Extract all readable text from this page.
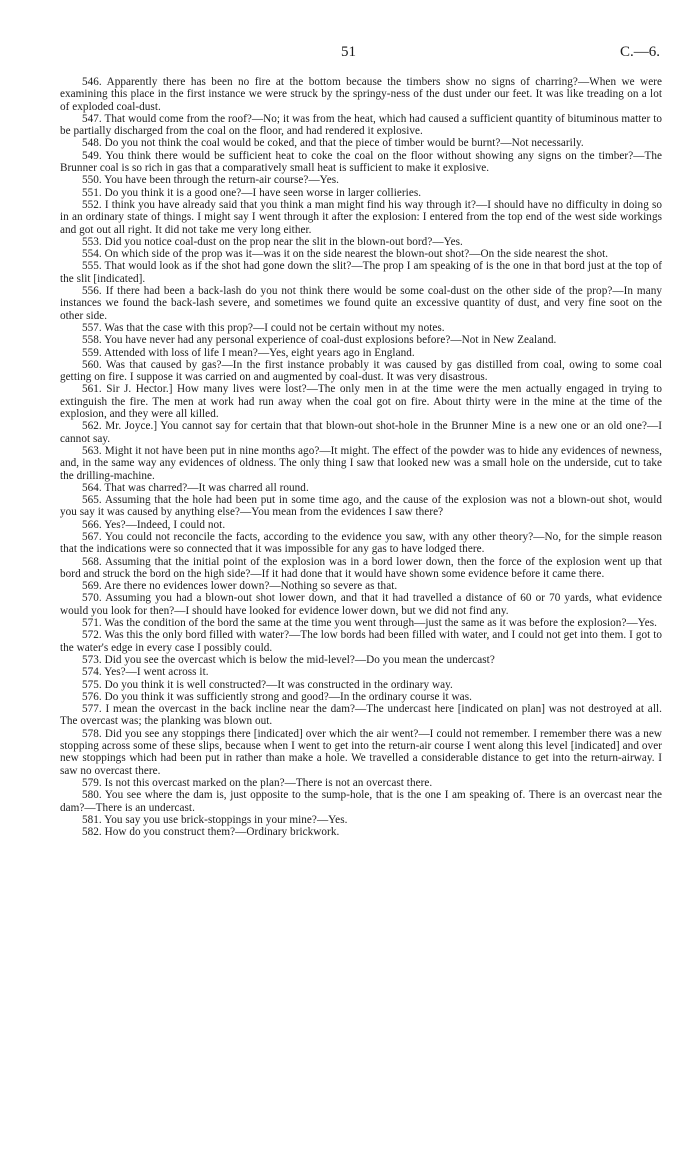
51	C.—6.

546. Apparently there has been no fire at the bottom because the timbers show no signs of charring?—When we were examining this place in the first instance we were struck by the springy-ness of the dust under our feet. It was like treading on a lot of exploded coal-dust.

547. That would come from the roof?—No; it was from the heat, which had caused a sufficient quantity of bituminous matter to be partially discharged from the coal on the floor, and had rendered it explosive.

548. Do you not think the coal would be coked, and that the piece of timber would be burnt?—Not necessarily.

549. You think there would be sufficient heat to coke the coal on the floor without showing any signs on the timber?—The Brunner coal is so rich in gas that a comparatively small heat is sufficient to make it explosive.

550. You have been through the return-air course?—Yes.

551. Do you think it is a good one?—I have seen worse in larger collieries.

552. I think you have already said that you think a man might find his way through it?—I should have no difficulty in doing so in an ordinary state of things. I might say I went through it after the explosion: I entered from the top end of the west side workings and got out all right. It did not take me very long either.

553. Did you notice coal-dust on the prop near the slit in the blown-out bord?—Yes.

554. On which side of the prop was it—was it on the side nearest the blown-out shot?—On the side nearest the shot.

555. That would look as if the shot had gone down the slit?—The prop I am speaking of is the one in that bord just at the top of the slit [indicated].

556. If there had been a back-lash do you not think there would be some coal-dust on the other side of the prop?—In many instances we found the back-lash severe, and sometimes we found quite an excessive quantity of dust, and very fine soot on the other side.

557. Was that the case with this prop?—I could not be certain without my notes.

558. You have never had any personal experience of coal-dust explosions before?—Not in New Zealand.

559. Attended with loss of life I mean?—Yes, eight years ago in England.

560. Was that caused by gas?—In the first instance probably it was caused by gas distilled from coal, owing to some coal getting on fire. I suppose it was carried on and augmented by coal-dust. It was very disastrous.

561. Sir J. Hector.] How many lives were lost?—The only men in at the time were the men actually engaged in trying to extinguish the fire. The men at work had run away when the coal got on fire. About thirty were in the mine at the time of the explosion, and they were all killed.

562. Mr. Joyce.] You cannot say for certain that that blown-out shot-hole in the Brunner Mine is a new one or an old one?—I cannot say.

563. Might it not have been put in nine months ago?—It might. The effect of the powder was to hide any evidences of newness, and, in the same way any evidences of oldness. The only thing I saw that looked new was a small hole on the underside, cut to take the drilling-machine.

564. That was charred?—It was charred all round.

565. Assuming that the hole had been put in some time ago, and the cause of the explosion was not a blown-out shot, would you say it was caused by anything else?—You mean from the evidences I saw there?

566. Yes?—Indeed, I could not.

567. You could not reconcile the facts, according to the evidence you saw, with any other theory?—No, for the simple reason that the indications were so connected that it was impossible for any gas to have lodged there.

568. Assuming that the initial point of the explosion was in a bord lower down, then the force of the explosion went up that bord and struck the bord on the high side?—If it had done that it would have shown some evidence before it came there.

569. Are there no evidences lower down?—Nothing so severe as that.

570. Assuming you had a blown-out shot lower down, and that it had travelled a distance of 60 or 70 yards, what evidence would you look for then?—I should have looked for evidence lower down, but we did not find any.

571. Was the condition of the bord the same at the time you went through—just the same as it was before the explosion?—Yes.

572. Was this the only bord filled with water?—The low bords had been filled with water, and I could not get into them. I got to the water's edge in every case I possibly could.

573. Did you see the overcast which is below the mid-level?—Do you mean the undercast?

574. Yes?—I went across it.

575. Do you think it is well constructed?—It was constructed in the ordinary way.

576. Do you think it was sufficiently strong and good?—In the ordinary course it was.

577. I mean the overcast in the back incline near the dam?—The undercast here [indicated on plan] was not destroyed at all. The overcast was; the planking was blown out.

578. Did you see any stoppings there [indicated] over which the air went?—I could not remember. I remember there was a new stopping across some of these slips, because when I went to get into the return-air course I went along this level [indicated] and over new stoppings which had been put in rather than make a hole. We travelled a considerable distance to get into the return-airway. I saw no overcast there.

579. Is not this overcast marked on the plan?—There is not an overcast there.

580. You see where the dam is, just opposite to the sump-hole, that is the one I am speaking of. There is an overcast near the dam?—There is an undercast.

581. You say you use brick-stoppings in your mine?—Yes.

582. How do you construct them?—Ordinary brickwork.
